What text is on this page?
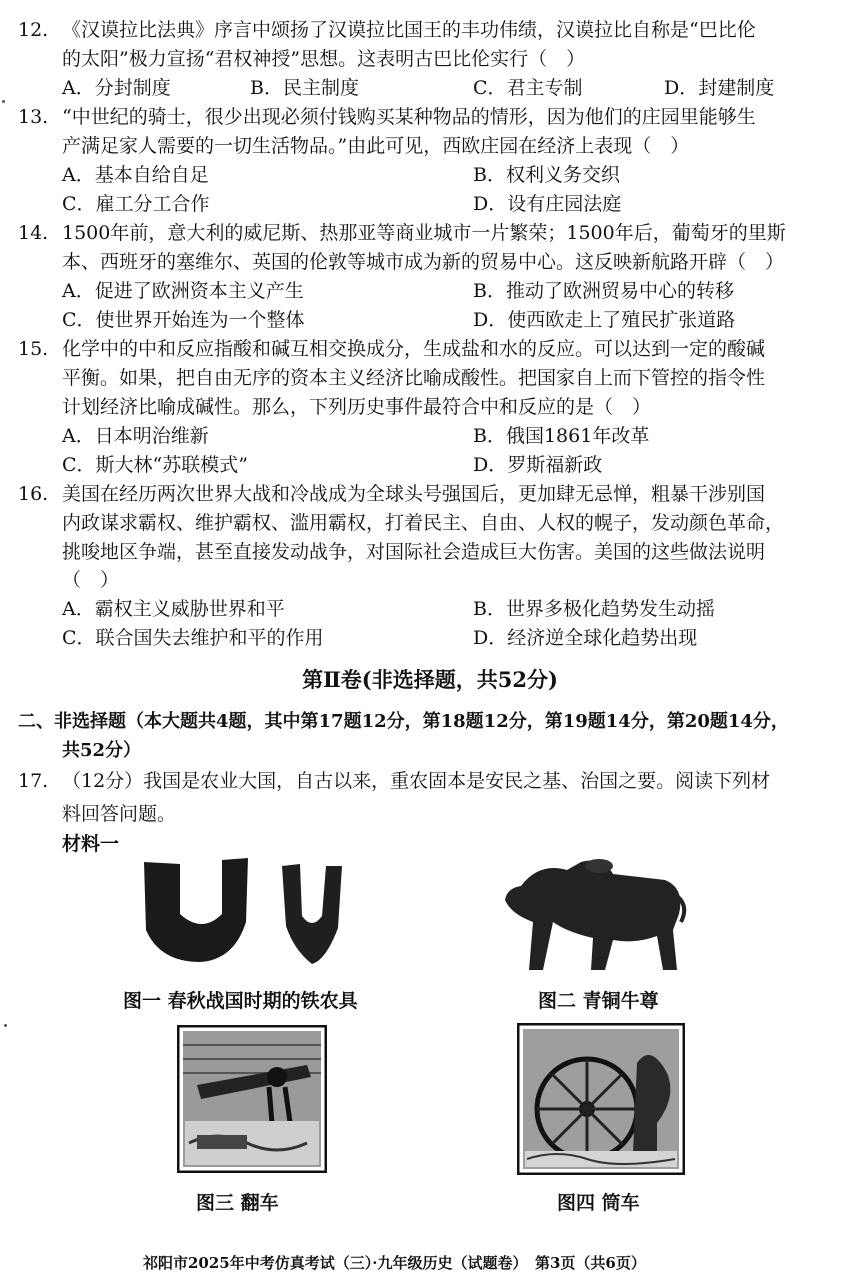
12. 《汉谟拉比法典》序言中颂扬了汉谟拉比国王的丰功伟绩，汉谟拉比自称是“巴比伦
的太阳”极力宣扬“君权神授”思想。这表明古巴比伦实行（　）
A．分封制度	B．民主制度	C．君主专制	D．封建制度
13. “中世纪的骑士，很少出现必须付钱购买某种物品的情形，因为他们的庄园里能够生
产满足家人需要的一切生活物品。”由此可见，西欧庄园在经济上表现（　）
A．基本自给自足	B．权利义务交织
C．雇工分工合作	D．设有庄园法庭
14. 1500年前，意大利的威尼斯、热那亚等商业城市一片繁荣；1500年后，葡萄牙的里斯
本、西班牙的塞维尔、英国的伦敦等城市成为新的贸易中心。这反映新航路开辟（　）
A．促进了欧洲资本主义产生	B．推动了欧洲贸易中心的转移
C．使世界开始连为一个整体	D．使西欧走上了殖民扩张道路
15. 化学中的中和反应指酸和碱互相交换成分，生成盐和水的反应。可以达到一定的酸碱
平衡。如果，把自由无序的资本主义经济比喻成酸性。把国家自上而下管控的指令性
计划经济比喻成碱性。那么，下列历史事件最符合中和反应的是（　）
A．日本明治维新	B．俄国1861年改革
C．斯大林“苏联模式”	D．罗斯福新政
16. 美国在经历两次世界大战和冷战成为全球头号强国后，更加肆无忌惮，粗暴干涉别国
内政谋求霸权、维护霸权、滥用霸权，打着民主、自由、人权的幌子，发动颜色革命，
挑唆地区争端，甚至直接发动战争，对国际社会造成巨大伤害。美国的这些做法说明
（　）
A．霸权主义威胁世界和平	B．世界多极化趋势发生动摇
C．联合国失去维护和平的作用	D．经济逆全球化趋势出现
第Ⅱ卷(非选择题，共52分)
二、非选择题（本大题共4题，其中第17题12分，第18题12分，第19题14分，第20题14分，
共52分）
17. （12分）我国是农业大国，自古以来，重农固本是安民之基、治国之要。阅读下列材
料回答问题。
材料一
图一 春秋战国时期的铁农具	图二 青铜牛尊
图三 翻车	图四 筒车
祁阳市2025年中考仿真考试（三）·九年级历史（试题卷）　第3页（共6页）
